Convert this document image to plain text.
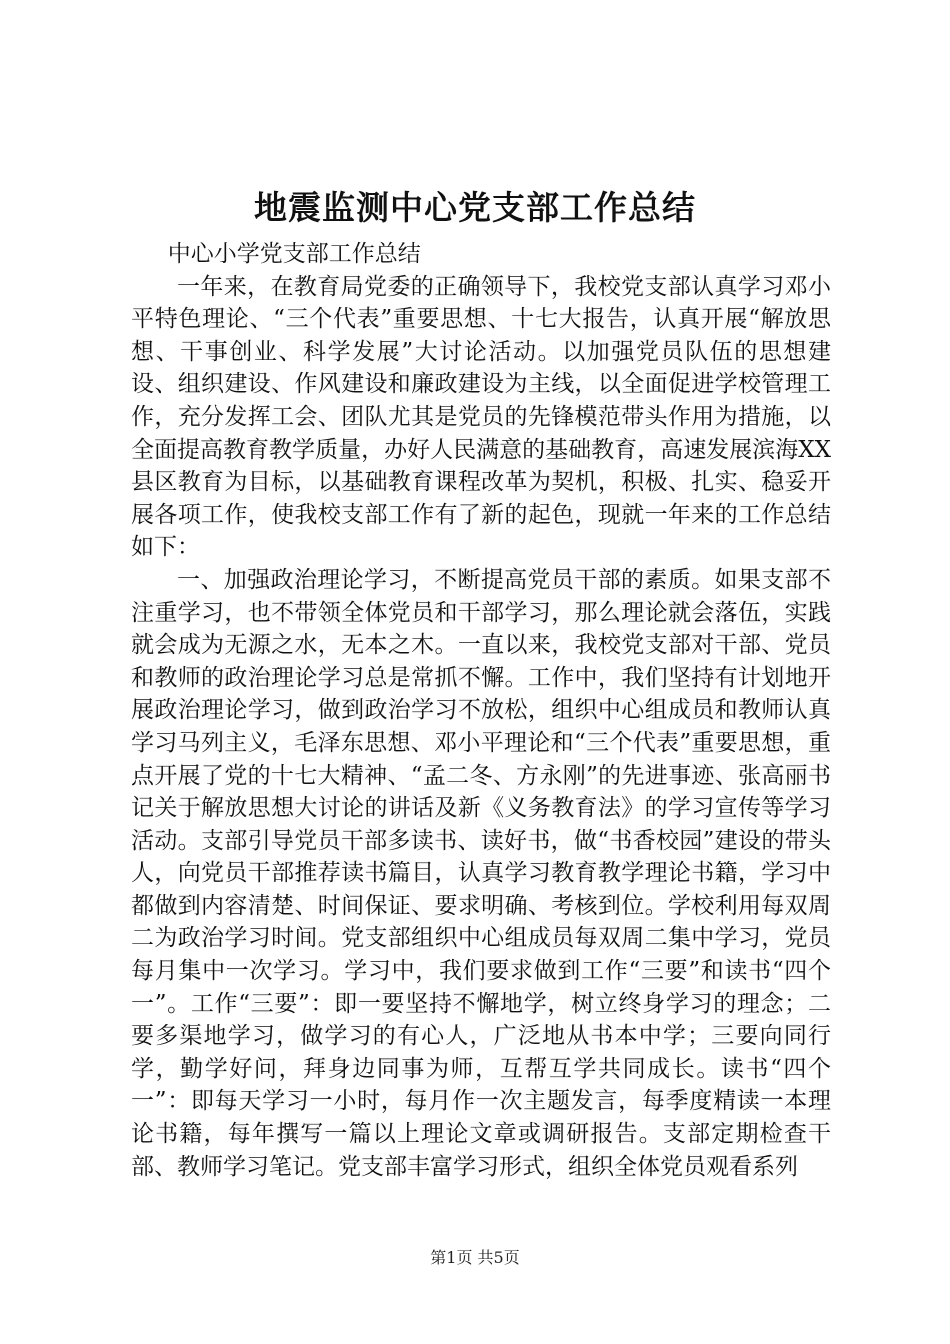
地震监测中心党支部工作总结

中心小学党支部工作总结

一年来，在教育局党委的正确领导下，我校党支部认真学习邓小平特色理论、“三个代表”重要思想、十七大报告，认真开展“解放思想、干事创业、科学发展”大讨论活动。以加强党员队伍的思想建设、组织建设、作风建设和廉政建设为主线，以全面促进学校管理工作，充分发挥工会、团队尤其是党员的先锋模范带头作用为措施，以全面提高教育教学质量，办好人民满意的基础教育，高速发展滨海XX县区教育为目标，以基础教育课程改革为契机，积极、扎实、稳妥开展各项工作，使我校支部工作有了新的起色，现就一年来的工作总结如下：

一、加强政治理论学习，不断提高党员干部的素质。如果支部不注重学习，也不带领全体党员和干部学习，那么理论就会落伍，实践就会成为无源之水，无本之木。一直以来，我校党支部对干部、党员和教师的政治理论学习总是常抓不懈。工作中，我们坚持有计划地开展政治理论学习，做到政治学习不放松，组织中心组成员和教师认真学习马列主义，毛泽东思想、邓小平理论和“三个代表”重要思想，重点开展了党的十七大精神、“孟二冬、方永刚”的先进事迹、张高丽书记关于解放思想大讨论的讲话及新《义务教育法》的学习宣传等学习活动。支部引导党员干部多读书、读好书，做“书香校园”建设的带头人，向党员干部推荐读书篇目，认真学习教育教学理论书籍，学习中都做到内容清楚、时间保证、要求明确、考核到位。学校利用每双周二为政治学习时间。党支部组织中心组成员每双周二集中学习，党员每月集中一次学习。学习中，我们要求做到工作“三要”和读书“四个一”。工作“三要”：即一要坚持不懈地学，树立终身学习的理念；二要多渠地学习，做学习的有心人，广泛地从书本中学；三要向同行学，勤学好问，拜身边同事为师，互帮互学共同成长。读书“四个一”：即每天学习一小时，每月作一次主题发言，每季度精读一本理论书籍，每年撰写一篇以上理论文章或调研报告。支部定期检查干部、教师学习笔记。党支部丰富学习形式，组织全体党员观看系列

第1页 共5页
